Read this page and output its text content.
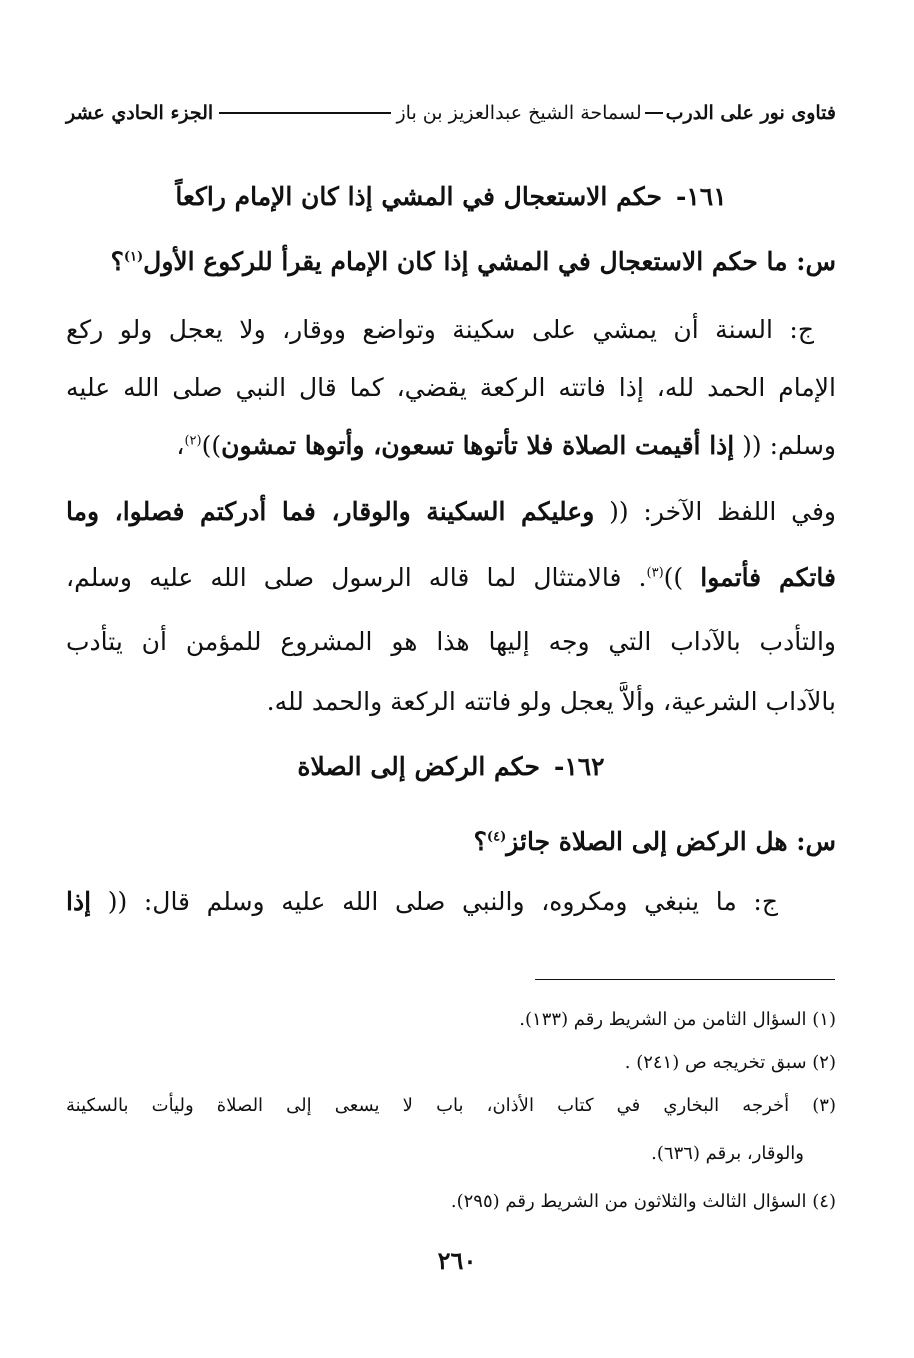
فتاوى نور على الدرب
لسماحة الشيخ عبدالعزيز بن باز
الجزء الحادي عشر
١٦١-حكم الاستعجال في المشي إذا كان الإمام راكعاً
س: ما حكم الاستعجال في المشي إذا كان الإمام يقرأ للركوع الأول$^{(١)}$؟
ج: السنة أن يمشي على سكينة وتواضع ووقار، ولا يعجل ولو ركع
الإمام الحمد لله، إذا فاتته الركعة يقضي، كما قال النبي صلى الله عليه
وسلم: (( إذا أقيمت الصلاة فلا تأتوها تسعون، وأتوها تمشون))$^{(٢)}$،
وفي اللفظ الآخر: (( وعليكم السكينة والوقار، فما أدركتم فصلوا، وما
فاتكم فأتموا ))$^{(٣)}$. فالامتثال لما قاله الرسول صلى الله عليه وسلم،
والتأدب بالآداب التي وجه إليها هذا هو المشروع للمؤمن أن يتأدب
بالآداب الشرعية، وألاَّ يعجل ولو فاتته الركعة والحمد لله.
١٦٢-حكم الركض إلى الصلاة
س: هل الركض إلى الصلاة جائز$^{(٤)}$؟
ج: ما ينبغي ومكروه، والنبي صلى الله عليه وسلم قال: (( إذا
(١) السؤال الثامن من الشريط رقم (١٣٣).
(٢) سبق تخريجه ص (٢٤١) .
(٣) أخرجه البخاري في كتاب الأذان، باب لا يسعى إلى الصلاة وليأت بالسكينة
والوقار، برقم (٦٣٦).
(٤) السؤال الثالث والثلاثون من الشريط رقم (٢٩٥).
٢٦٠
